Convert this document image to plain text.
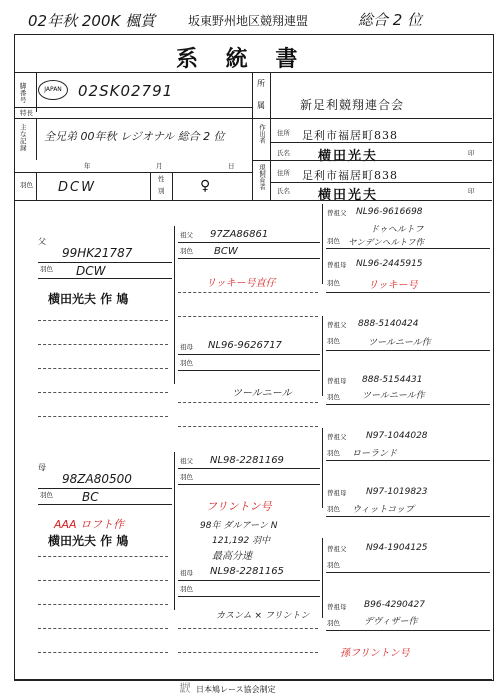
02年秋 200K 楓賞	坂東野州地区競翔連盟	総合 2 位
系 統 書
脚番号
特長
JAPAN	02SK02791	所
属	新足利競翔連合会
主な記録
全兄弟 00年秋 レジオナル 総合 2 位	作出者 住所 足利市福居町838
氏名 横田光夫	印
現飼育者 住所 足利市福居町838
氏名 横田光夫	印
年	月	日
羽色 DCW
性
別	♀
父
99HK21787
羽色 DCW
横田光夫 作 鳩
母
98ZA80500
羽色 BC
AAA ロフト作
横田光夫 作 鳩
祖父 97ZA86861
羽色 BCW
リッキー号直仔
祖母 NL96-9626717
羽色
ツールニール
祖父 NL98-2281169
羽色
フリントン号
98年 ダルアーン N
121,192 羽中
最高分速
祖母 NL98-2281165
羽色
カスンム × フリントン
曽祖父 NL96-9616698
ドゥヘルトフ
羽色 ヤンデンヘルトフ作
曽祖母 NL96-2445915
羽色	リッキー号
曽祖父 888-5140424
羽色	ツールニール作
曽祖母 888-5154431
羽色 ツールニール作
曽祖父 N97-1044028
羽色 ローランド
曽祖母 N97-1019823
羽色 ウィットコップ
曽祖父 N94-1904125
羽色
曽祖母 B96-4290427
羽色	デヴィザー作
孫フリントン号
社団法人 日本鳩レース協会制定
